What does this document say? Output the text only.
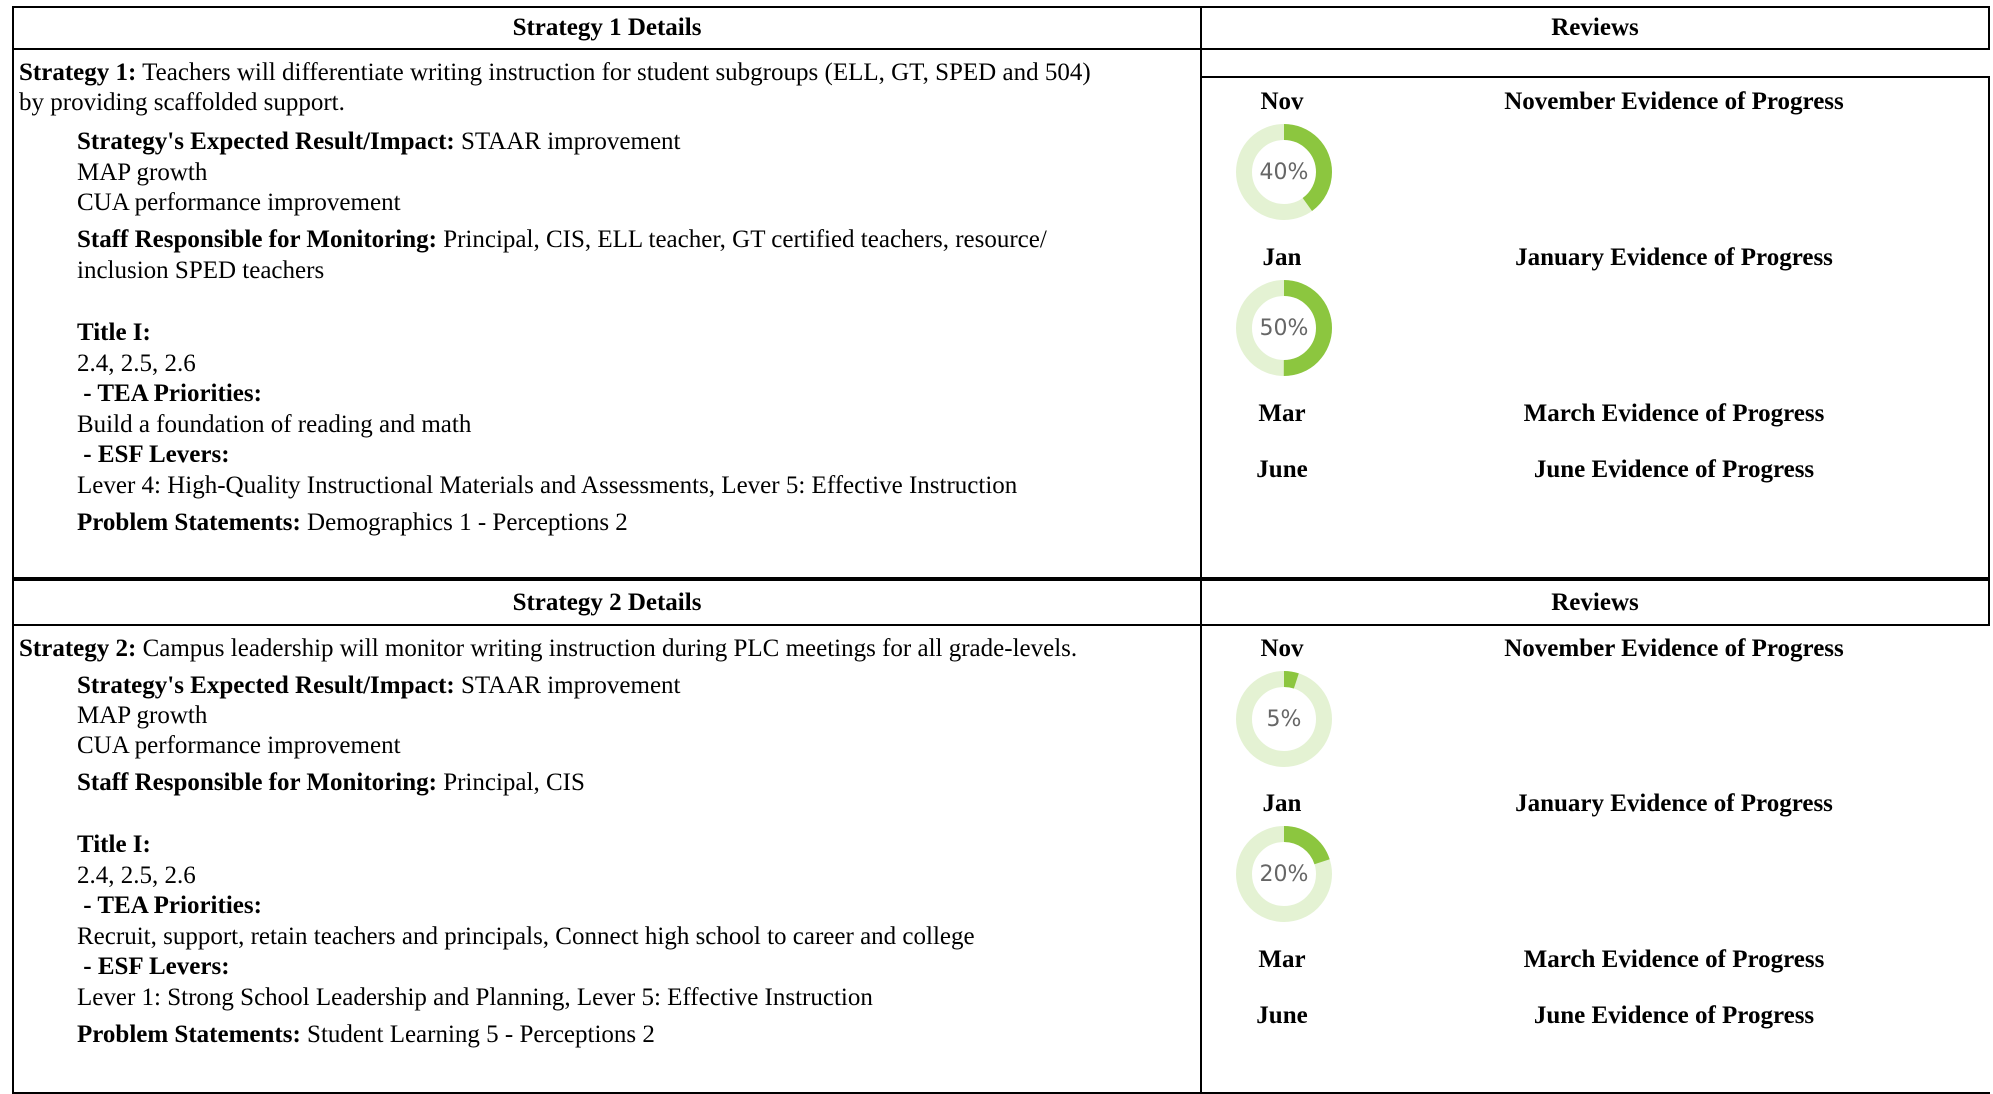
Strategy 1 Details	Reviews
Strategy 1: Teachers will differentiate writing instruction for student subgroups (ELL, GT, SPED and 504)
by providing scaffolded support.
Strategy's Expected Result/Impact: STAAR improvement
MAP growth
CUA performance improvement
Staff Responsible for Monitoring: Principal, CIS, ELL teacher, GT certified teachers, resource/
inclusion SPED teachers
Title I:
2.4, 2.5, 2.6
- TEA Priorities:
Build a foundation of reading and math
- ESF Levers:
Lever 4: High-Quality Instructional Materials and Assessments, Lever 5: Effective Instruction
Problem Statements: Demographics 1 - Perceptions 2
Nov	November Evidence of Progress
40%
Jan	January Evidence of Progress
50%
Mar	March Evidence of Progress
June	June Evidence of Progress
Strategy 2 Details	Reviews
Strategy 2: Campus leadership will monitor writing instruction during PLC meetings for all grade-levels.
Strategy's Expected Result/Impact: STAAR improvement
MAP growth
CUA performance improvement
Staff Responsible for Monitoring: Principal, CIS
Title I:
2.4, 2.5, 2.6
- TEA Priorities:
Recruit, support, retain teachers and principals, Connect high school to career and college
- ESF Levers:
Lever 1: Strong School Leadership and Planning, Lever 5: Effective Instruction
Problem Statements: Student Learning 5 - Perceptions 2
Nov	November Evidence of Progress
5%
Jan	January Evidence of Progress
20%
Mar	March Evidence of Progress
June	June Evidence of Progress
